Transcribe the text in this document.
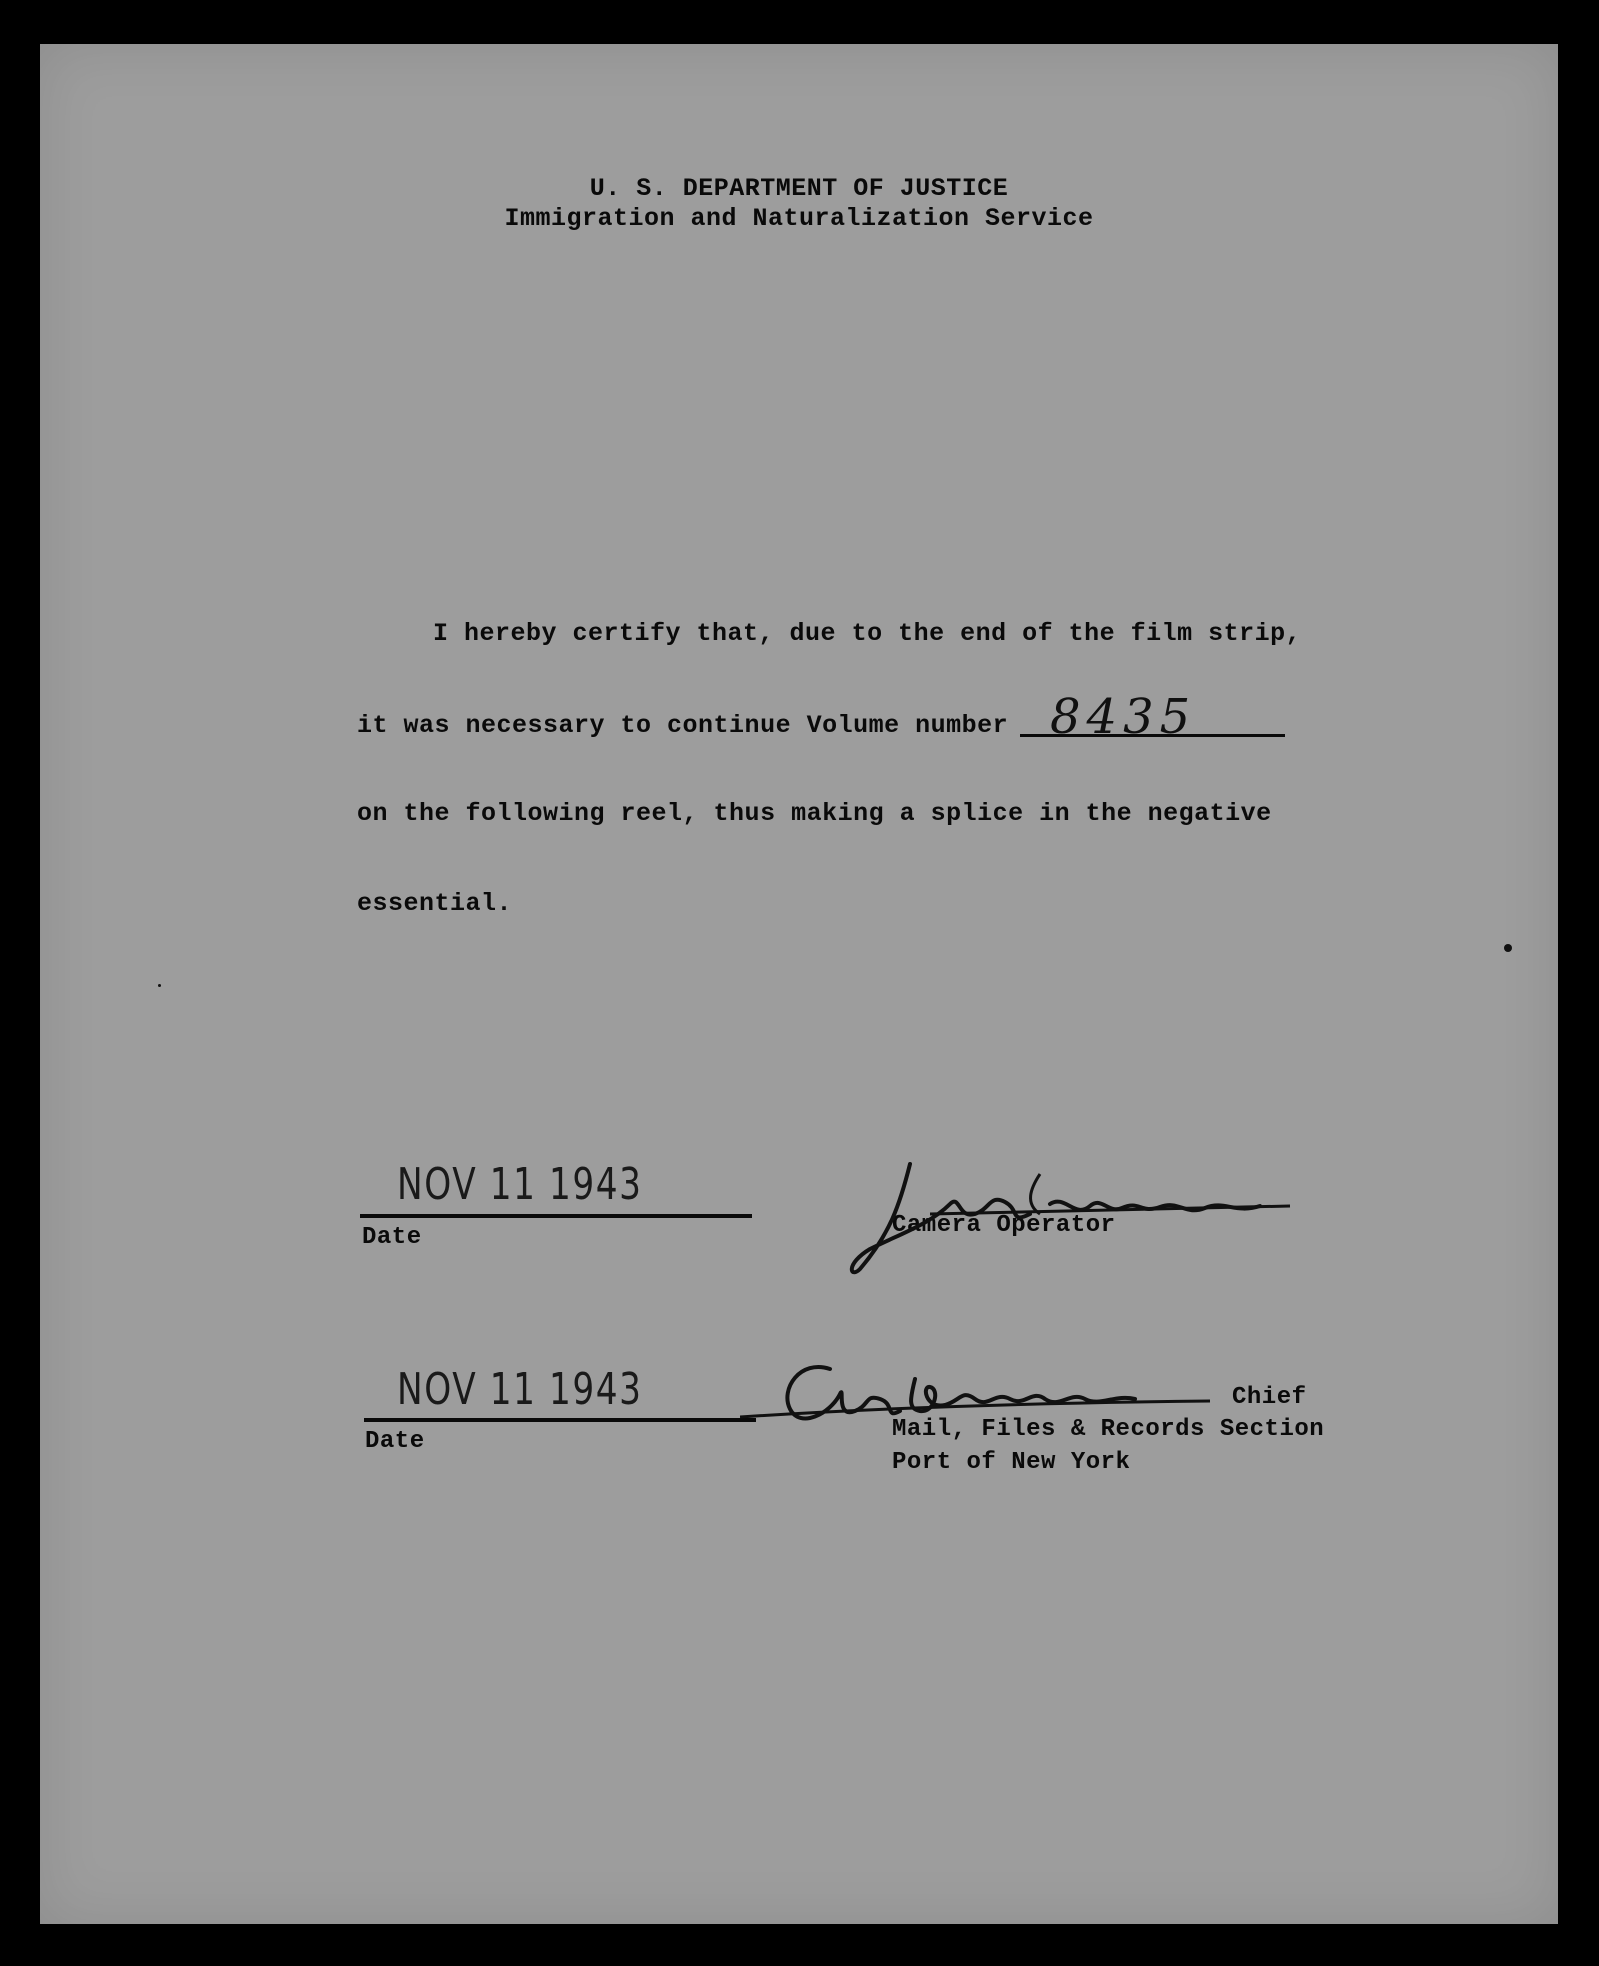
U. S. DEPARTMENT OF JUSTICE
Immigration and Naturalization Service
I hereby certify that, due to the end of the film strip,
it was necessary to continue Volume number 8435
on the following reel, thus making a splice in the negative
essential.
NOV 11 1943
Date	Camera Operator
NOV 11 1943
Date
Chief
Mail, Files & Records Section
Port of New York
